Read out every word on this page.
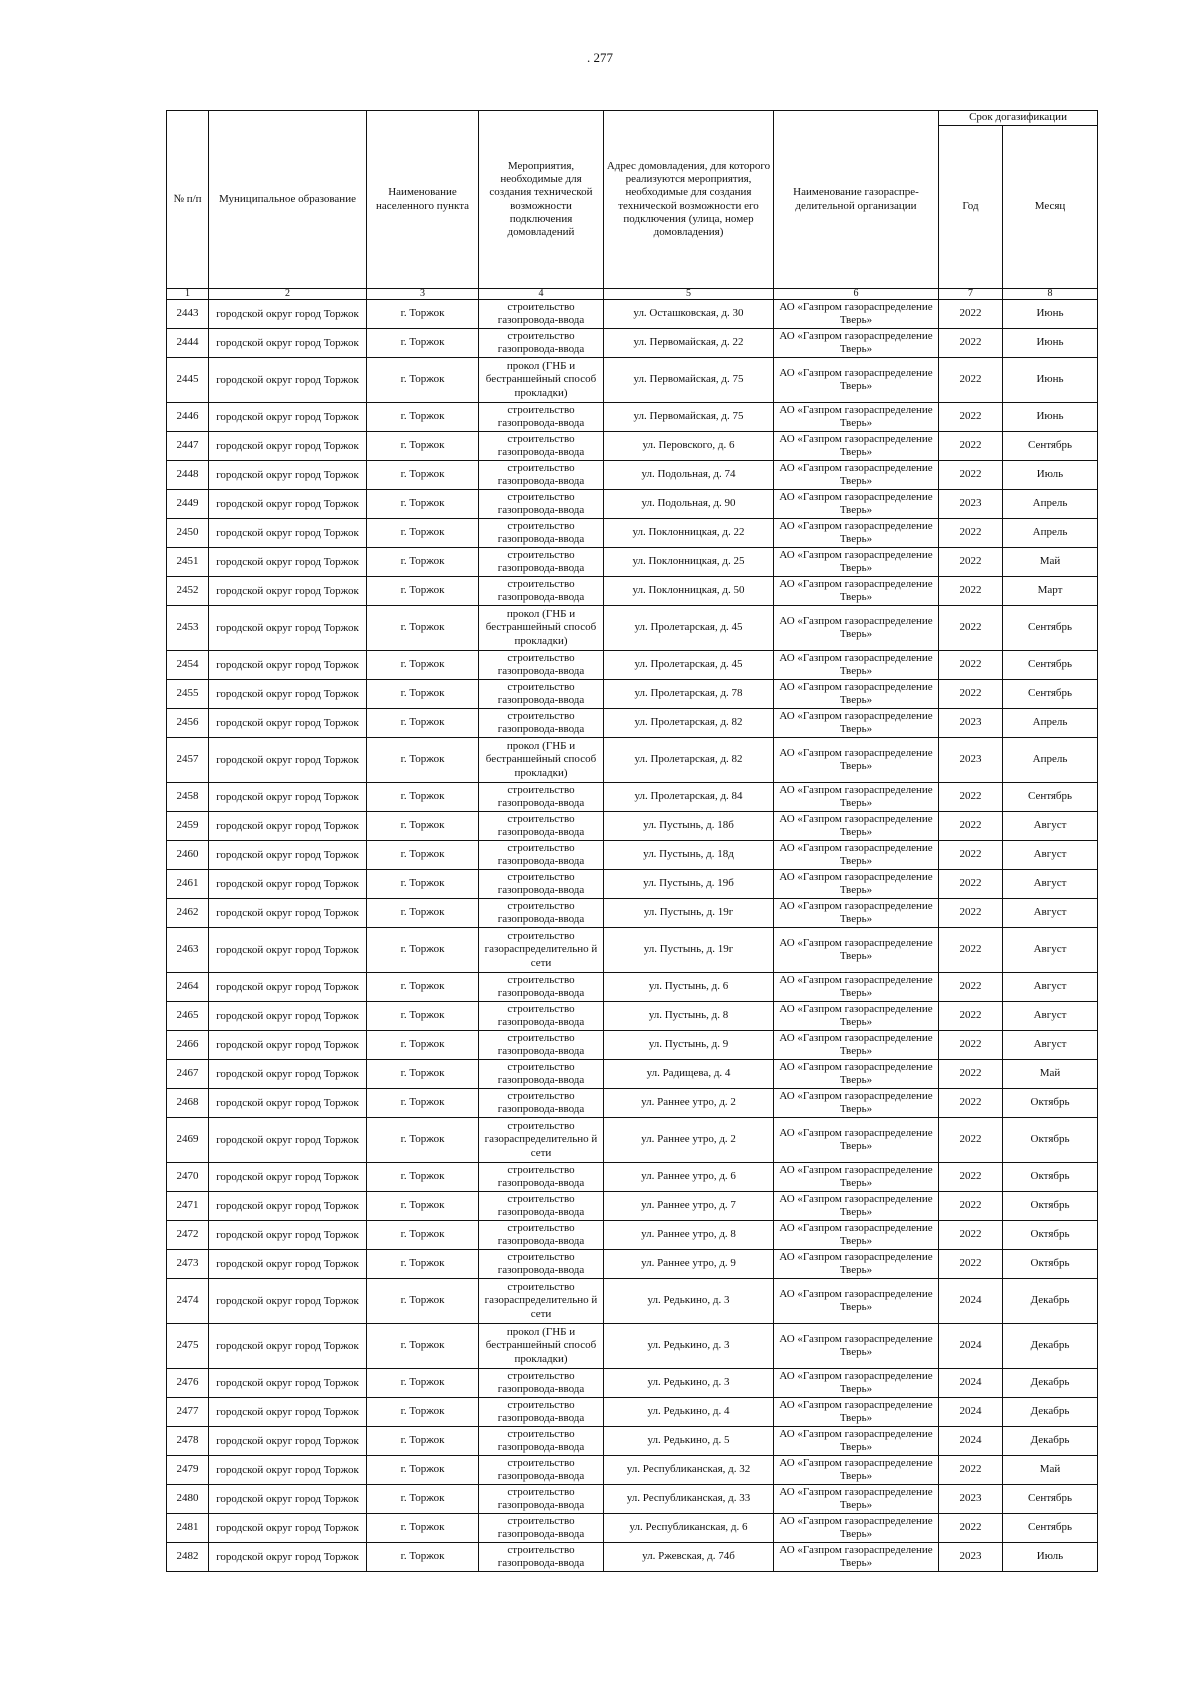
. 277
№ п/п	Муниципальное образование	Наименование населенного пункта	Мероприятия, необходимые для создания технической возможности подключения домовладений	Адрес домовладения, для которого реализуются мероприятия, необходимые для создания технической возможности его подключения (улица, номер домовладения)	Наименование газораспре-делительной организации	Срок догазификации	
						Год	Месяц
1	2	3	4	5	6	7	8
2443	городской округ город Торжок	г. Торжок	строительство газопровода-ввода	ул. Осташковская, д. 30	АО «Газпром газораспределение Тверь»	2022	Июнь
2444	городской округ город Торжок	г. Торжок	строительство газопровода-ввода	ул. Первомайская, д. 22	АО «Газпром газораспределение Тверь»	2022	Июнь
2445	городской округ город Торжок	г. Торжок	прокол (ГНБ и бестраншейный способ прокладки)	ул. Первомайская, д. 75	АО «Газпром газораспределение Тверь»	2022	Июнь
2446	городской округ город Торжок	г. Торжок	строительство газопровода-ввода	ул. Первомайская, д. 75	АО «Газпром газораспределение Тверь»	2022	Июнь
2447	городской округ город Торжок	г. Торжок	строительство газопровода-ввода	ул. Перовского, д. 6	АО «Газпром газораспределение Тверь»	2022	Сентябрь
2448	городской округ город Торжок	г. Торжок	строительство газопровода-ввода	ул. Подольная, д. 74	АО «Газпром газораспределение Тверь»	2022	Июль
2449	городской округ город Торжок	г. Торжок	строительство газопровода-ввода	ул. Подольная, д. 90	АО «Газпром газораспределение Тверь»	2023	Апрель
2450	городской округ город Торжок	г. Торжок	строительство газопровода-ввода	ул. Поклонницкая, д. 22	АО «Газпром газораспределение Тверь»	2022	Апрель
2451	городской округ город Торжок	г. Торжок	строительство газопровода-ввода	ул. Поклонницкая, д. 25	АО «Газпром газораспределение Тверь»	2022	Май
2452	городской округ город Торжок	г. Торжок	строительство газопровода-ввода	ул. Поклонницкая, д. 50	АО «Газпром газораспределение Тверь»	2022	Март
2453	городской округ город Торжок	г. Торжок	прокол (ГНБ и бестраншейный способ прокладки)	ул. Пролетарская, д. 45	АО «Газпром газораспределение Тверь»	2022	Сентябрь
2454	городской округ город Торжок	г. Торжок	строительство газопровода-ввода	ул. Пролетарская, д. 45	АО «Газпром газораспределение Тверь»	2022	Сентябрь
2455	городской округ город Торжок	г. Торжок	строительство газопровода-ввода	ул. Пролетарская, д. 78	АО «Газпром газораспределение Тверь»	2022	Сентябрь
2456	городской округ город Торжок	г. Торжок	строительство газопровода-ввода	ул. Пролетарская, д. 82	АО «Газпром газораспределение Тверь»	2023	Апрель
2457	городской округ город Торжок	г. Торжок	прокол (ГНБ и бестраншейный способ прокладки)	ул. Пролетарская, д. 82	АО «Газпром газораспределение Тверь»	2023	Апрель
2458	городской округ город Торжок	г. Торжок	строительство газопровода-ввода	ул. Пролетарская, д. 84	АО «Газпром газораспределение Тверь»	2022	Сентябрь
2459	городской округ город Торжок	г. Торжок	строительство газопровода-ввода	ул. Пустынь, д. 18б	АО «Газпром газораспределение Тверь»	2022	Август
2460	городской округ город Торжок	г. Торжок	строительство газопровода-ввода	ул. Пустынь, д. 18д	АО «Газпром газораспределение Тверь»	2022	Август
2461	городской округ город Торжок	г. Торжок	строительство газопровода-ввода	ул. Пустынь, д. 19б	АО «Газпром газораспределение Тверь»	2022	Август
2462	городской округ город Торжок	г. Торжок	строительство газопровода-ввода	ул. Пустынь, д. 19г	АО «Газпром газораспределение Тверь»	2022	Август
2463	городской округ город Торжок	г. Торжок	строительство газораспределительно й сети	ул. Пустынь, д. 19г	АО «Газпром газораспределение Тверь»	2022	Август
2464	городской округ город Торжок	г. Торжок	строительство газопровода-ввода	ул. Пустынь, д. 6	АО «Газпром газораспределение Тверь»	2022	Август
2465	городской округ город Торжок	г. Торжок	строительство газопровода-ввода	ул. Пустынь, д. 8	АО «Газпром газораспределение Тверь»	2022	Август
2466	городской округ город Торжок	г. Торжок	строительство газопровода-ввода	ул. Пустынь, д. 9	АО «Газпром газораспределение Тверь»	2022	Август
2467	городской округ город Торжок	г. Торжок	строительство газопровода-ввода	ул. Радищева, д. 4	АО «Газпром газораспределение Тверь»	2022	Май
2468	городской округ город Торжок	г. Торжок	строительство газопровода-ввода	ул. Раннее утро, д. 2	АО «Газпром газораспределение Тверь»	2022	Октябрь
2469	городской округ город Торжок	г. Торжок	строительство газораспределительно й сети	ул. Раннее утро, д. 2	АО «Газпром газораспределение Тверь»	2022	Октябрь
2470	городской округ город Торжок	г. Торжок	строительство газопровода-ввода	ул. Раннее утро, д. 6	АО «Газпром газораспределение Тверь»	2022	Октябрь
2471	городской округ город Торжок	г. Торжок	строительство газопровода-ввода	ул. Раннее утро, д. 7	АО «Газпром газораспределение Тверь»	2022	Октябрь
2472	городской округ город Торжок	г. Торжок	строительство газопровода-ввода	ул. Раннее утро, д. 8	АО «Газпром газораспределение Тверь»	2022	Октябрь
2473	городской округ город Торжок	г. Торжок	строительство газопровода-ввода	ул. Раннее утро, д. 9	АО «Газпром газораспределение Тверь»	2022	Октябрь
2474	городской округ город Торжок	г. Торжок	строительство газораспределительно й сети	ул. Редькино, д. 3	АО «Газпром газораспределение Тверь»	2024	Декабрь
2475	городской округ город Торжок	г. Торжок	прокол (ГНБ и бестраншейный способ прокладки)	ул. Редькино, д. 3	АО «Газпром газораспределение Тверь»	2024	Декабрь
2476	городской округ город Торжок	г. Торжок	строительство газопровода-ввода	ул. Редькино, д. 3	АО «Газпром газораспределение Тверь»	2024	Декабрь
2477	городской округ город Торжок	г. Торжок	строительство газопровода-ввода	ул. Редькино, д. 4	АО «Газпром газораспределение Тверь»	2024	Декабрь
2478	городской округ город Торжок	г. Торжок	строительство газопровода-ввода	ул. Редькино, д. 5	АО «Газпром газораспределение Тверь»	2024	Декабрь
2479	городской округ город Торжок	г. Торжок	строительство газопровода-ввода	ул. Республиканская, д. 32	АО «Газпром газораспределение Тверь»	2022	Май
2480	городской округ город Торжок	г. Торжок	строительство газопровода-ввода	ул. Республиканская, д. 33	АО «Газпром газораспределение Тверь»	2023	Сентябрь
2481	городской округ город Торжок	г. Торжок	строительство газопровода-ввода	ул. Республиканская, д. 6	АО «Газпром газораспределение Тверь»	2022	Сентябрь
2482	городской округ город Торжок	г. Торжок	строительство газопровода-ввода	ул. Ржевская, д. 74б	АО «Газпром газораспределение Тверь»	2023	Июль
